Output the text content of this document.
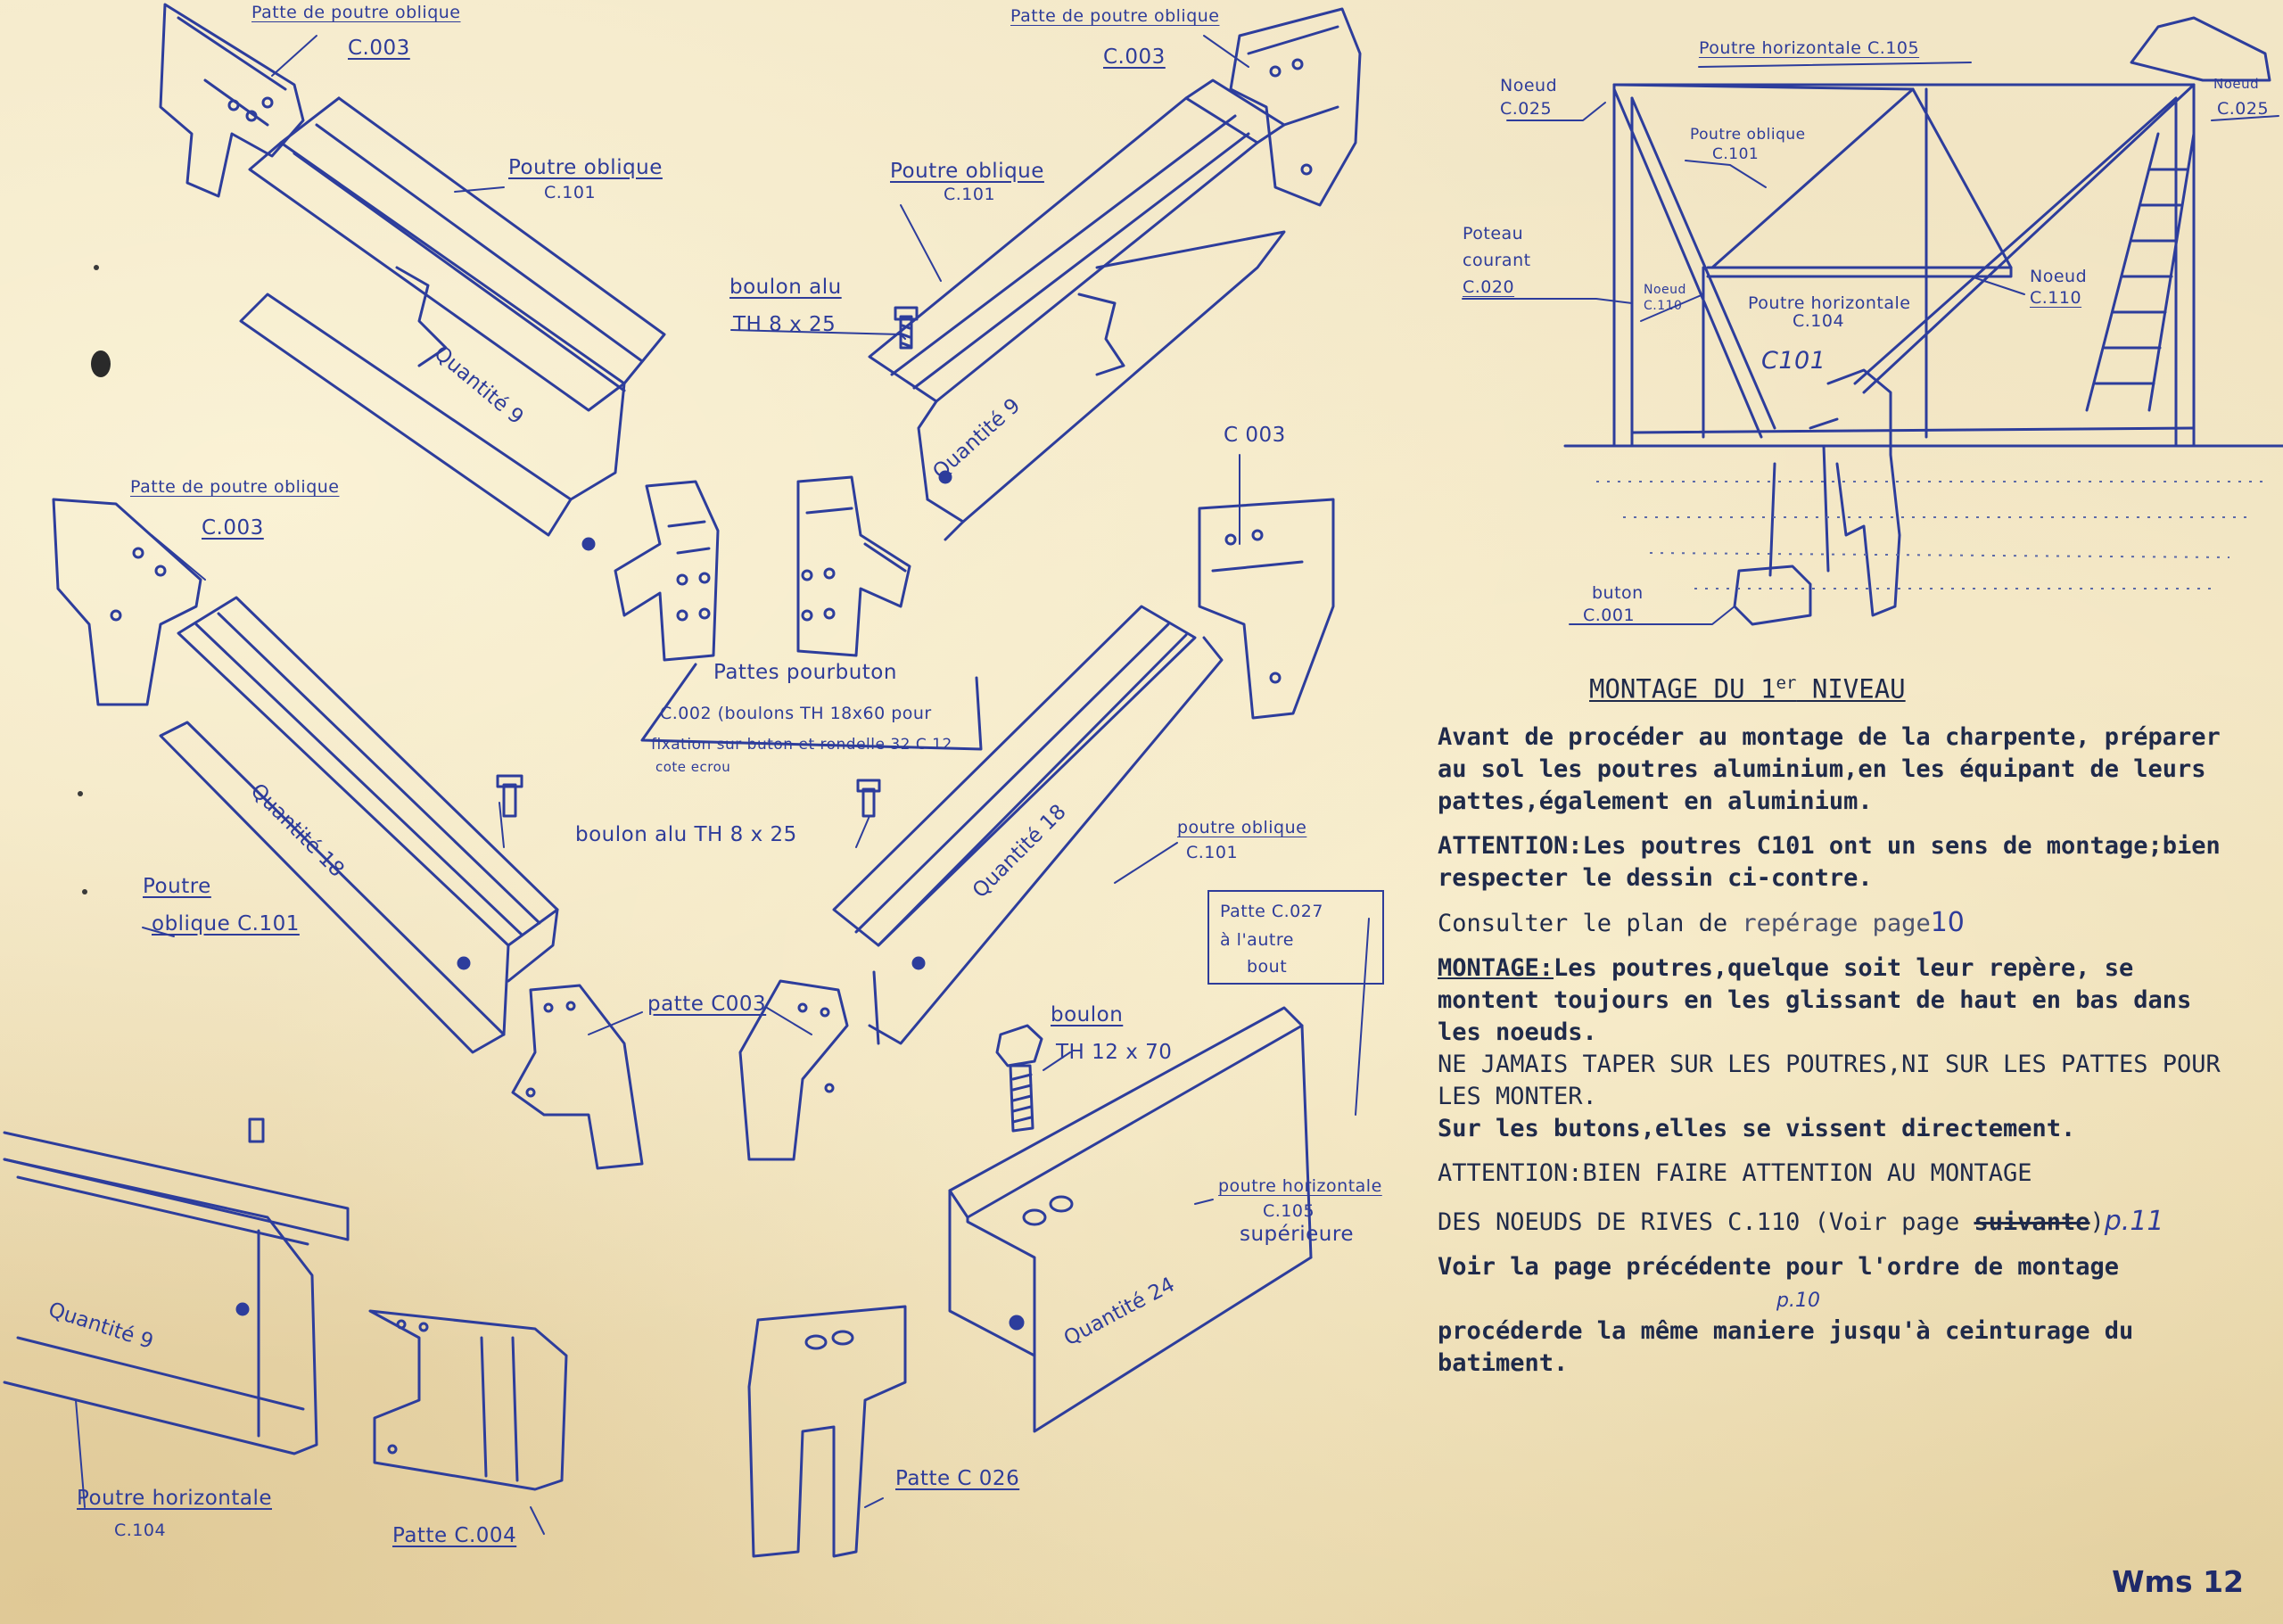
Patte de poutre oblique
C.003
Patte de poutre oblique
C.003
Poutre oblique
C.101
Poutre oblique
C.101
boulon alu
TH 8 x 25
Patte de poutre oblique
C.003
C 003
Pattes pourbuton
C.002 (boulons TH 18x60 pour
fixation sur buton et rondelle 32 C 12
cote ecrou
boulon alu TH 8 x 25	poutre oblique
C.101
Poutre
oblique C.101
Patte C.027
à l'autre
bout
patte C003	boulon
TH 12 x 70
poutre horizontale
C.105
supérieure
Poutre horizontale
C.104	Patte C.004
Patte C 026
Quantité 9
Quantité 9
Quantité 18	Quantité 18
Quantité 9	Quantité 24
Noeud
C.025
Noeud
C.025
Poutre horizontale C.105
Poutre oblique
C.101
Poteau
courant
C.020	Noeud
C.110	Poutre horizontale
C.104
Noeud
C.110
C101
buton
C.001
MONTAGE DU 1er NIVEAU
Avant de procéder au montage de la charpente, préparer au sol les poutres aluminium,en les équipant de leurs pattes,également en aluminium.
ATTENTION:Les poutres C101 ont un sens de montage;bien respecter le dessin ci-contre.
Consulter le plan de repérage page10
MONTAGE:Les poutres,quelque soit leur repère, se montent toujours en les glissant de haut en bas dans les noeuds.
NE JAMAIS TAPER SUR LES POUTRES,NI SUR LES PATTES POUR LES MONTER.
Sur les butons,elles se vissent directement.
ATTENTION:BIEN FAIRE ATTENTION AU MONTAGE
DES NOEUDS DE RIVES C.110 (Voir page suivante)p.11
Voir la page précédente pour l'ordre de montage
p.10
procéderde la même maniere jusqu'à ceinturage du batiment.
Wms 12
